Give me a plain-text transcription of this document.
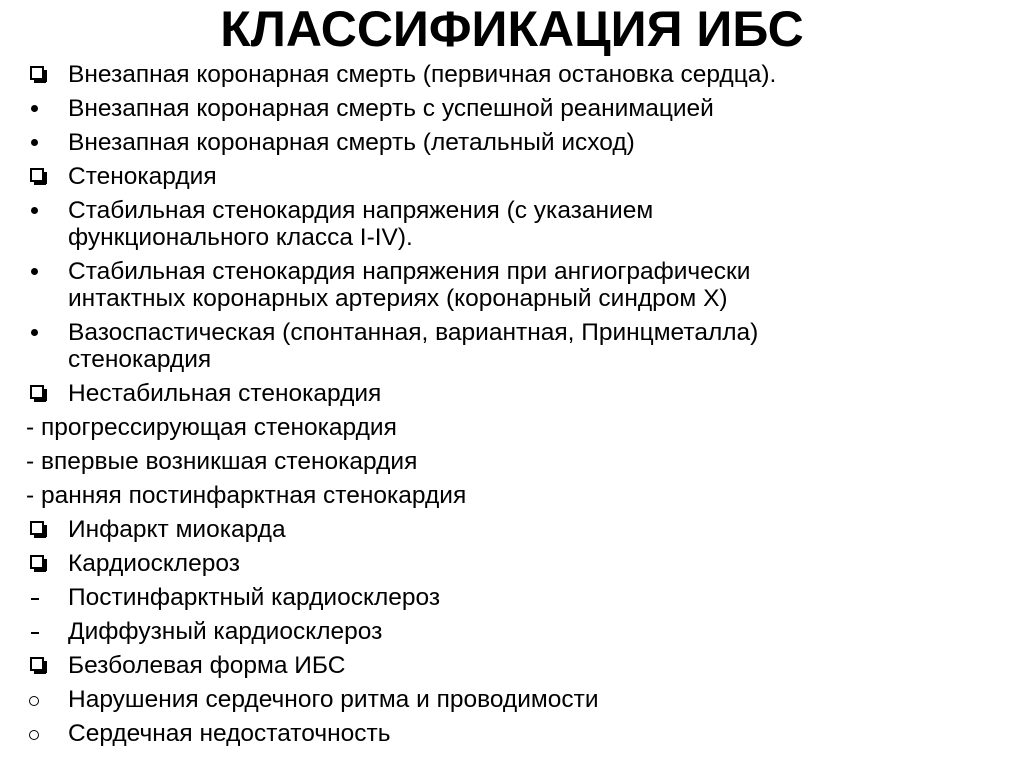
КЛАССИФИКАЦИЯ ИБС
Внезапная коронарная смерть (первичная остановка сердца).
Внезапная коронарная смерть с успешной реанимацией
Внезапная коронарная смерть (летальный исход)
Стенокардия
Стабильная стенокардия напряжения (с указанием
функционального класса I-IV).
Стабильная стенокардия напряжения при ангиографически
интактных коронарных артериях (коронарный синдром Х)
Вазоспастическая (спонтанная, вариантная, Принцметалла)
стенокардия
Нестабильная стенокардия
- прогрессирующая стенокардия
- впервые возникшая стенокардия
- ранняя постинфарктная стенокардия
Инфаркт миокарда
Кардиосклероз
Постинфарктный кардиосклероз
Диффузный кардиосклероз
Безболевая форма ИБС
Нарушения сердечного ритма и проводимости
Сердечная недостаточность
